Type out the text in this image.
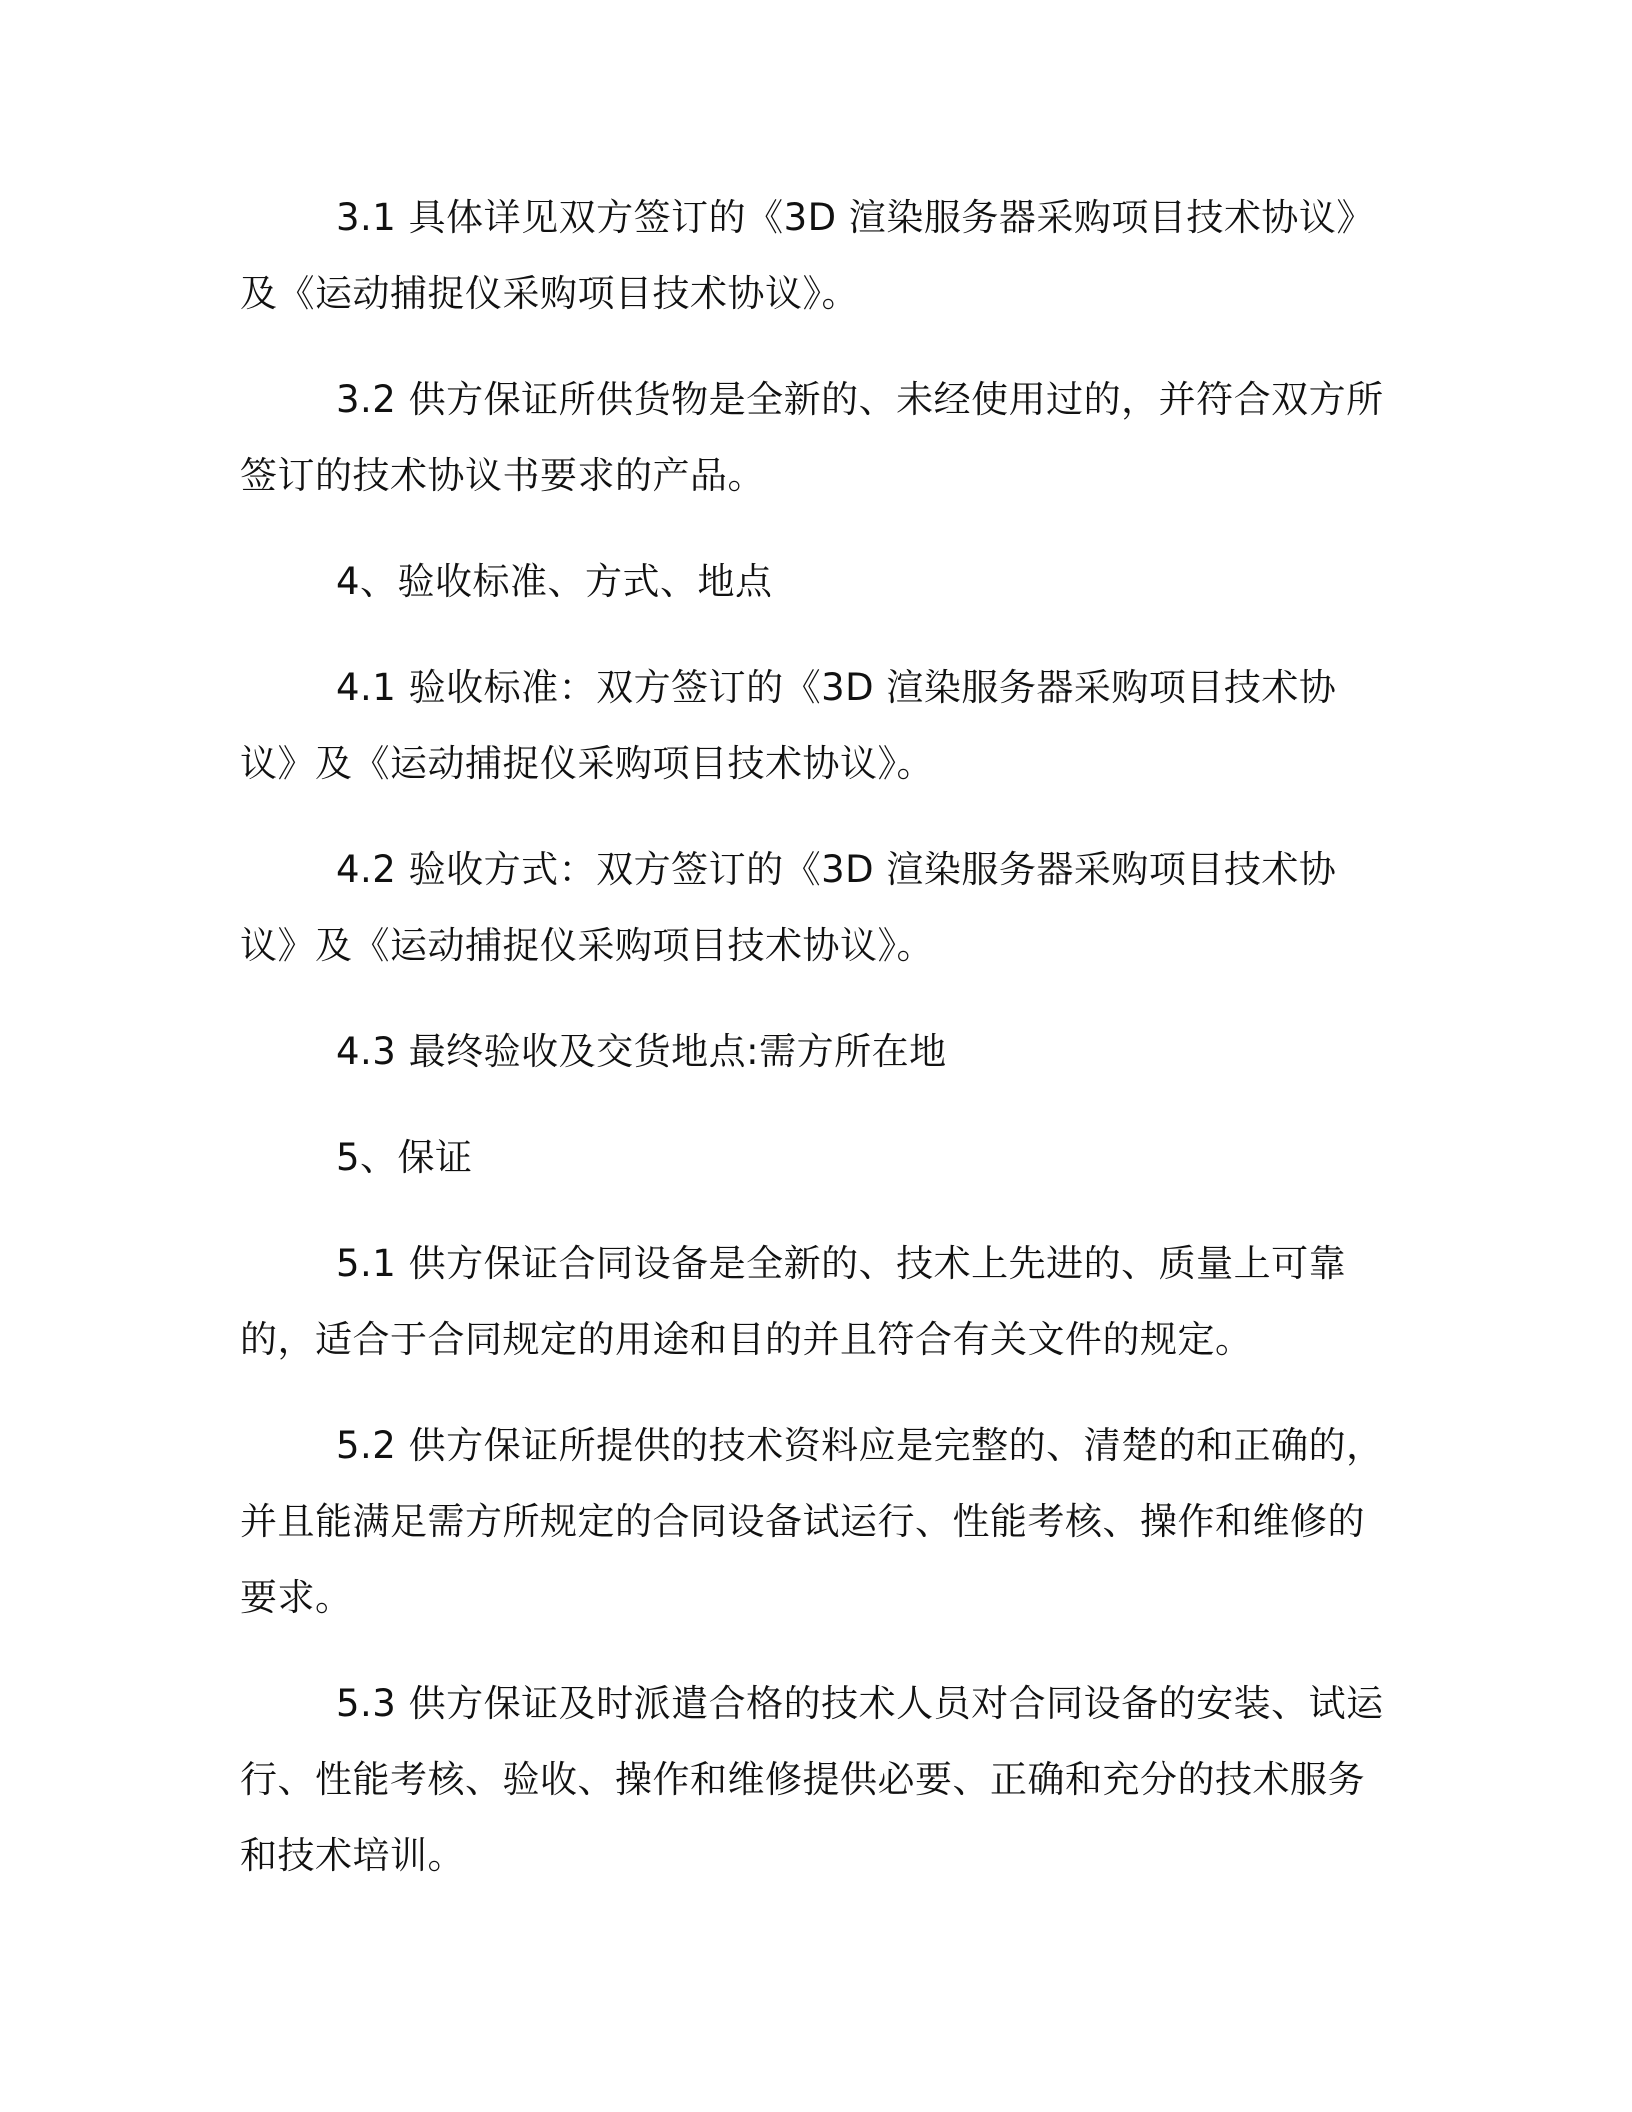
3.1 具体详见双方签订的《3D 渲染服务器采购项目技术协议》及《运动捕捉仪采购项目技术协议》。

3.2 供方保证所供货物是全新的、未经使用过的，并符合双方所签订的技术协议书要求的产品。

4、验收标准、方式、地点

4.1 验收标准：双方签订的《3D 渲染服务器采购项目技术协议》及《运动捕捉仪采购项目技术协议》。

4.2 验收方式：双方签订的《3D 渲染服务器采购项目技术协议》及《运动捕捉仪采购项目技术协议》。

4.3 最终验收及交货地点:需方所在地

5、保证

5.1 供方保证合同设备是全新的、技术上先进的、质量上可靠的，适合于合同规定的用途和目的并且符合有关文件的规定。

5.2 供方保证所提供的技术资料应是完整的、清楚的和正确的，并且能满足需方所规定的合同设备试运行、性能考核、操作和维修的要求。

5.3 供方保证及时派遣合格的技术人员对合同设备的安装、试运行、性能考核、验收、操作和维修提供必要、正确和充分的技术服务和技术培训。
